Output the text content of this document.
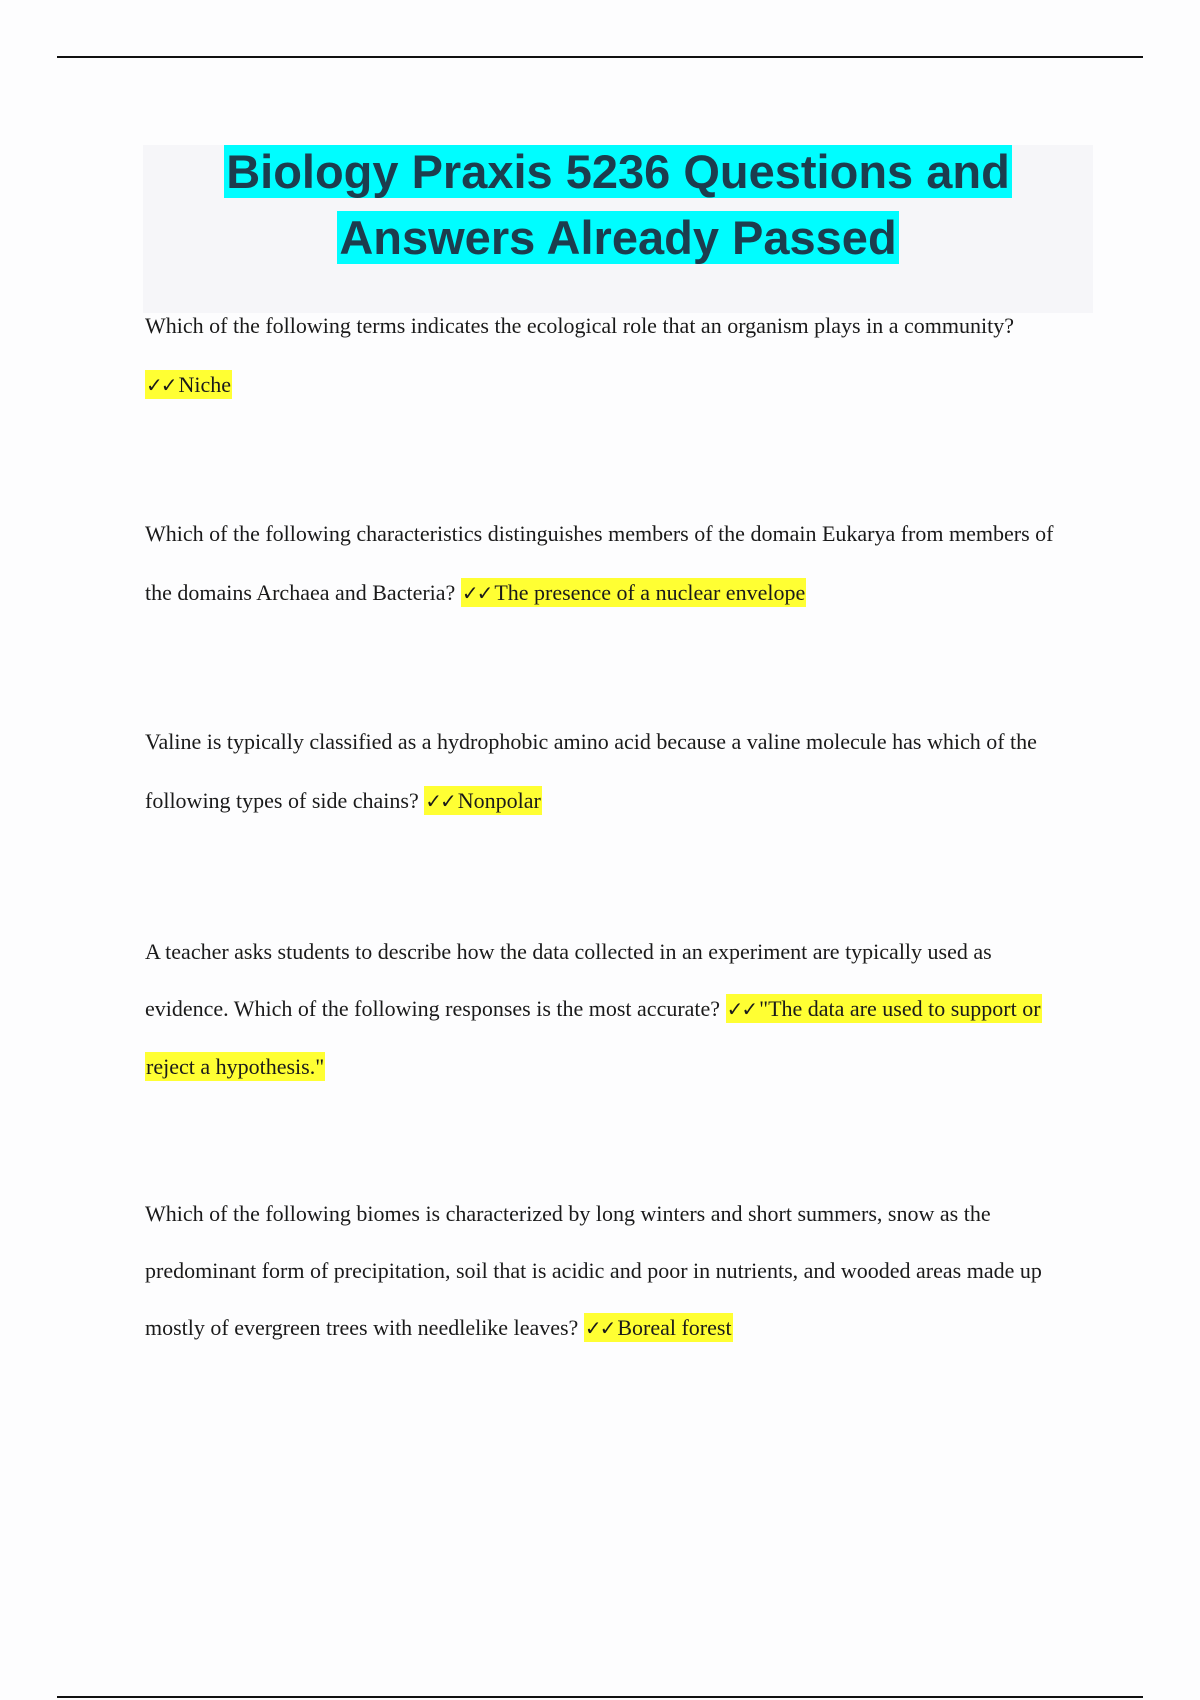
Biology Praxis 5236 Questions and Answers Already Passed
Which of the following terms indicates the ecological role that an organism plays in a community? ✓✓ Niche
Which of the following characteristics distinguishes members of the domain Eukarya from members of the domains Archaea and Bacteria? ✓✓ The presence of a nuclear envelope
Valine is typically classified as a hydrophobic amino acid because a valine molecule has which of the following types of side chains? ✓✓ Nonpolar
A teacher asks students to describe how the data collected in an experiment are typically used as evidence. Which of the following responses is the most accurate? ✓✓ "The data are used to support or reject a hypothesis."
Which of the following biomes is characterized by long winters and short summers, snow as the predominant form of precipitation, soil that is acidic and poor in nutrients, and wooded areas made up mostly of evergreen trees with needlelike leaves? ✓✓ Boreal forest
